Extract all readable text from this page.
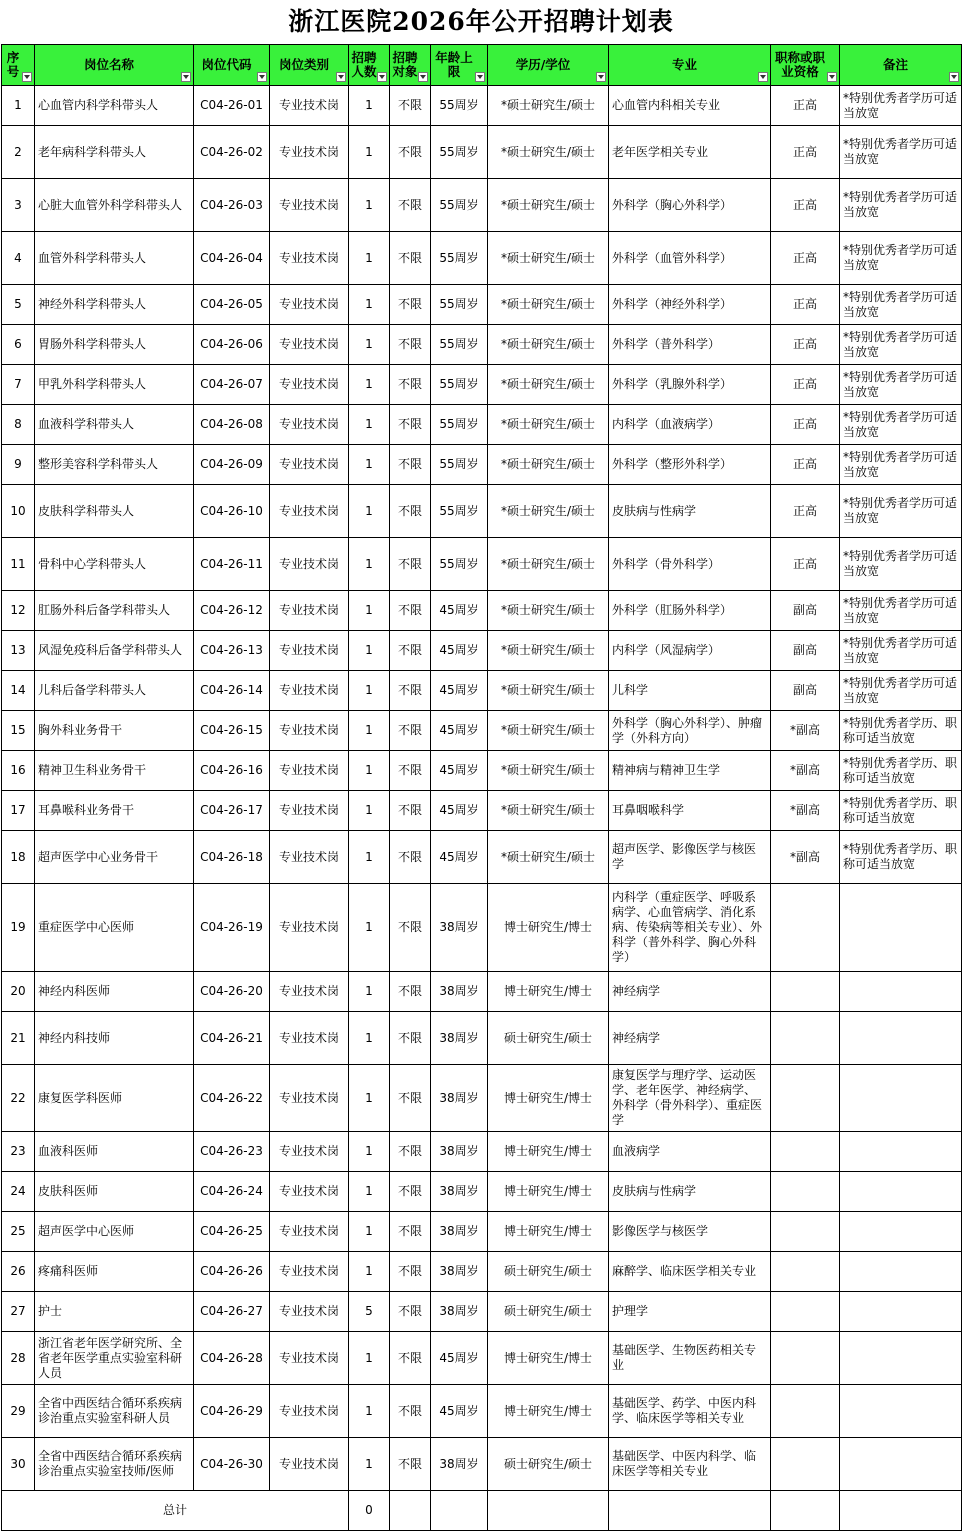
浙江医院2026年公开招聘计划表
序号	岗位名称	岗位代码	岗位类别	招聘人数	招聘对象	年龄上限	学历/学位	专业	职称或职业资格	备注

1	心血管内科学科带头人	C04-26-01	专业技术岗	1	不限	55周岁	*硕士研究生/硕士	心血管内科相关专业	正高	*特别优秀者学历可适当放宽
2	老年病科学科带头人	C04-26-02	专业技术岗	1	不限	55周岁	*硕士研究生/硕士	老年医学相关专业	正高	*特别优秀者学历可适当放宽
3	心脏大血管外科学科带头人	C04-26-03	专业技术岗	1	不限	55周岁	*硕士研究生/硕士	外科学（胸心外科学）	正高	*特别优秀者学历可适当放宽
4	血管外科学科带头人	C04-26-04	专业技术岗	1	不限	55周岁	*硕士研究生/硕士	外科学（血管外科学）	正高	*特别优秀者学历可适当放宽
5	神经外科学科带头人	C04-26-05	专业技术岗	1	不限	55周岁	*硕士研究生/硕士	外科学（神经外科学）	正高	*特别优秀者学历可适当放宽
6	胃肠外科学科带头人	C04-26-06	专业技术岗	1	不限	55周岁	*硕士研究生/硕士	外科学（普外科学）	正高	*特别优秀者学历可适当放宽
7	甲乳外科学科带头人	C04-26-07	专业技术岗	1	不限	55周岁	*硕士研究生/硕士	外科学（乳腺外科学）	正高	*特别优秀者学历可适当放宽
8	血液科学科带头人	C04-26-08	专业技术岗	1	不限	55周岁	*硕士研究生/硕士	内科学（血液病学）	正高	*特别优秀者学历可适当放宽
9	整形美容科学科带头人	C04-26-09	专业技术岗	1	不限	55周岁	*硕士研究生/硕士	外科学（整形外科学）	正高	*特别优秀者学历可适当放宽
10	皮肤科学科带头人	C04-26-10	专业技术岗	1	不限	55周岁	*硕士研究生/硕士	皮肤病与性病学	正高	*特别优秀者学历可适当放宽
11	骨科中心学科带头人	C04-26-11	专业技术岗	1	不限	55周岁	*硕士研究生/硕士	外科学（骨外科学）	正高	*特别优秀者学历可适当放宽
12	肛肠外科后备学科带头人	C04-26-12	专业技术岗	1	不限	45周岁	*硕士研究生/硕士	外科学（肛肠外科学）	副高	*特别优秀者学历可适当放宽
13	风湿免疫科后备学科带头人	C04-26-13	专业技术岗	1	不限	45周岁	*硕士研究生/硕士	内科学（风湿病学）	副高	*特别优秀者学历可适当放宽
14	儿科后备学科带头人	C04-26-14	专业技术岗	1	不限	45周岁	*硕士研究生/硕士	儿科学	副高	*特别优秀者学历可适当放宽
15	胸外科业务骨干	C04-26-15	专业技术岗	1	不限	45周岁	*硕士研究生/硕士	外科学（胸心外科学）、肿瘤学（外科方向）	*副高	*特别优秀者学历、职称可适当放宽
16	精神卫生科业务骨干	C04-26-16	专业技术岗	1	不限	45周岁	*硕士研究生/硕士	精神病与精神卫生学	*副高	*特别优秀者学历、职称可适当放宽
17	耳鼻喉科业务骨干	C04-26-17	专业技术岗	1	不限	45周岁	*硕士研究生/硕士	耳鼻咽喉科学	*副高	*特别优秀者学历、职称可适当放宽
18	超声医学中心业务骨干	C04-26-18	专业技术岗	1	不限	45周岁	*硕士研究生/硕士	超声医学、影像医学与核医学	*副高	*特别优秀者学历、职称可适当放宽
19	重症医学中心医师	C04-26-19	专业技术岗	1	不限	38周岁	博士研究生/博士	内科学（重症医学、呼吸系病学、心血管病学、消化系病、传染病等相关专业）、外科学（普外科学、胸心外科学）		
20	神经内科医师	C04-26-20	专业技术岗	1	不限	38周岁	博士研究生/博士	神经病学		
21	神经内科技师	C04-26-21	专业技术岗	1	不限	38周岁	硕士研究生/硕士	神经病学		
22	康复医学科医师	C04-26-22	专业技术岗	1	不限	38周岁	博士研究生/博士	康复医学与理疗学、运动医学、老年医学、神经病学、外科学（骨外科学）、重症医学		
23	血液科医师	C04-26-23	专业技术岗	1	不限	38周岁	博士研究生/博士	血液病学		
24	皮肤科医师	C04-26-24	专业技术岗	1	不限	38周岁	博士研究生/博士	皮肤病与性病学		
25	超声医学中心医师	C04-26-25	专业技术岗	1	不限	38周岁	博士研究生/博士	影像医学与核医学		
26	疼痛科医师	C04-26-26	专业技术岗	1	不限	38周岁	硕士研究生/硕士	麻醉学、临床医学相关专业		
27	护士	C04-26-27	专业技术岗	5	不限	38周岁	硕士研究生/硕士	护理学		
28	浙江省老年医学研究所、全省老年医学重点实验室科研人员	C04-26-28	专业技术岗	1	不限	45周岁	博士研究生/博士	基础医学、生物医药相关专业		
29	全省中西医结合循环系疾病诊治重点实验室科研人员	C04-26-29	专业技术岗	1	不限	45周岁	博士研究生/博士	基础医学、药学、中医内科学、临床医学等相关专业		
30	全省中西医结合循环系疾病诊治重点实验室技师/医师	C04-26-30	专业技术岗	1	不限	38周岁	硕士研究生/硕士	基础医学、中医内科学、临床医学等相关专业		
总计				0						
